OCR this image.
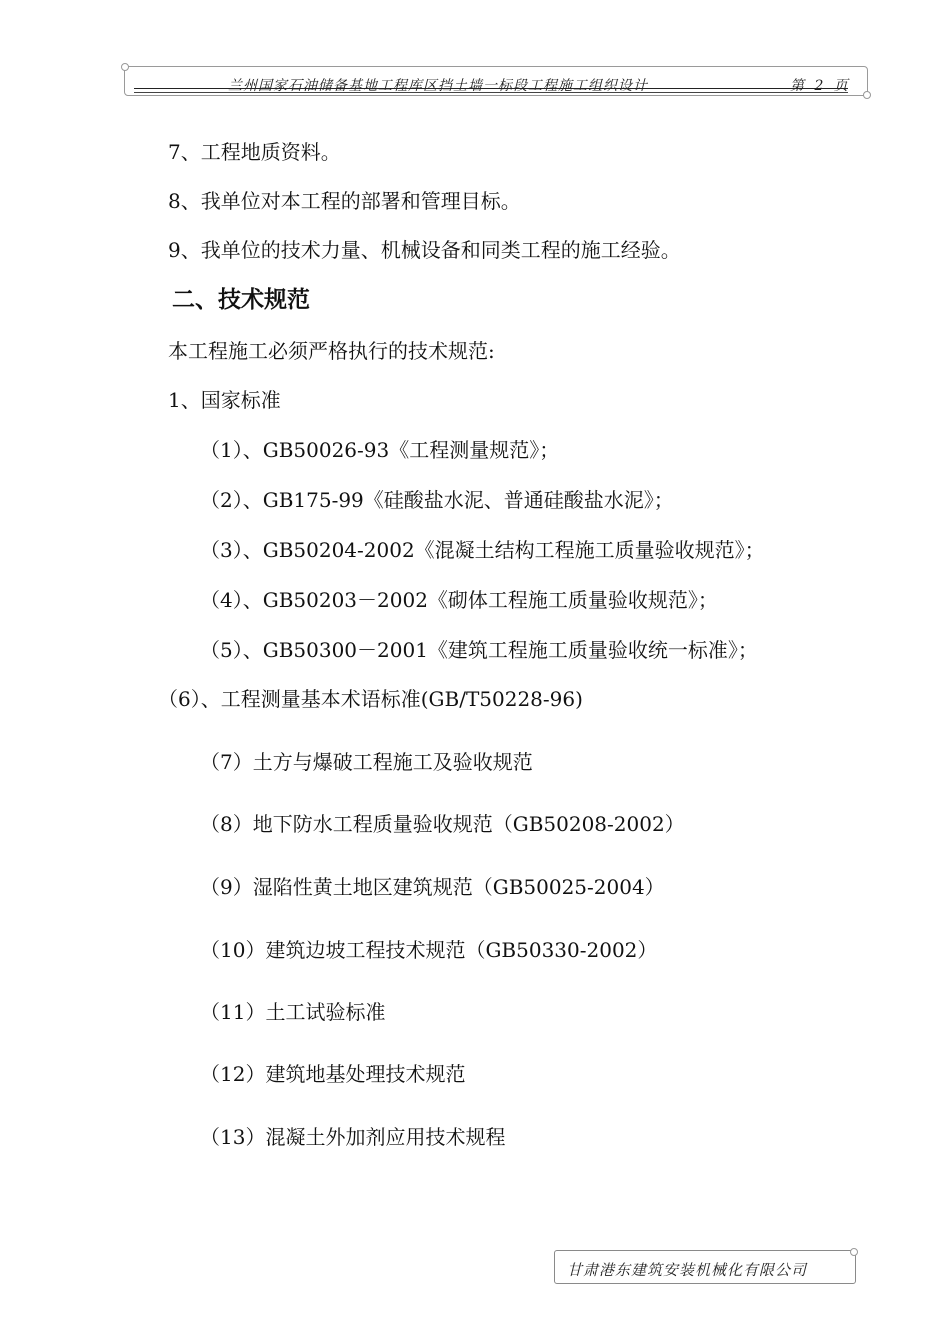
兰州国家石油储备基地工程库区挡土墙一标段工程施工组织设计	第 2 页
7、工程地质资料。
8、我单位对本工程的部署和管理目标。
9、我单位的技术力量、机械设备和同类工程的施工经验。
二、技术规范
本工程施工必须严格执行的技术规范:
1、国家标准
（1）、GB50026-93《工程测量规范》；
（2）、GB175-99《硅酸盐水泥、普通硅酸盐水泥》；
（3）、GB50204-2002《混凝土结构工程施工质量验收规范》；
（4）、GB50203－2002《砌体工程施工质量验收规范》；
（5）、GB50300－2001《建筑工程施工质量验收统一标准》；
（6）、工程测量基本术语标准(GB/T50228-96)
（7）土方与爆破工程施工及验收规范
（8）地下防水工程质量验收规范（GB50208-2002）
（9）湿陷性黄土地区建筑规范（GB50025-2004）
（10）建筑边坡工程技术规范（GB50330-2002）
（11）土工试验标准
（12）建筑地基处理技术规范
（13）混凝土外加剂应用技术规程
甘肃港东建筑安装机械化有限公司
